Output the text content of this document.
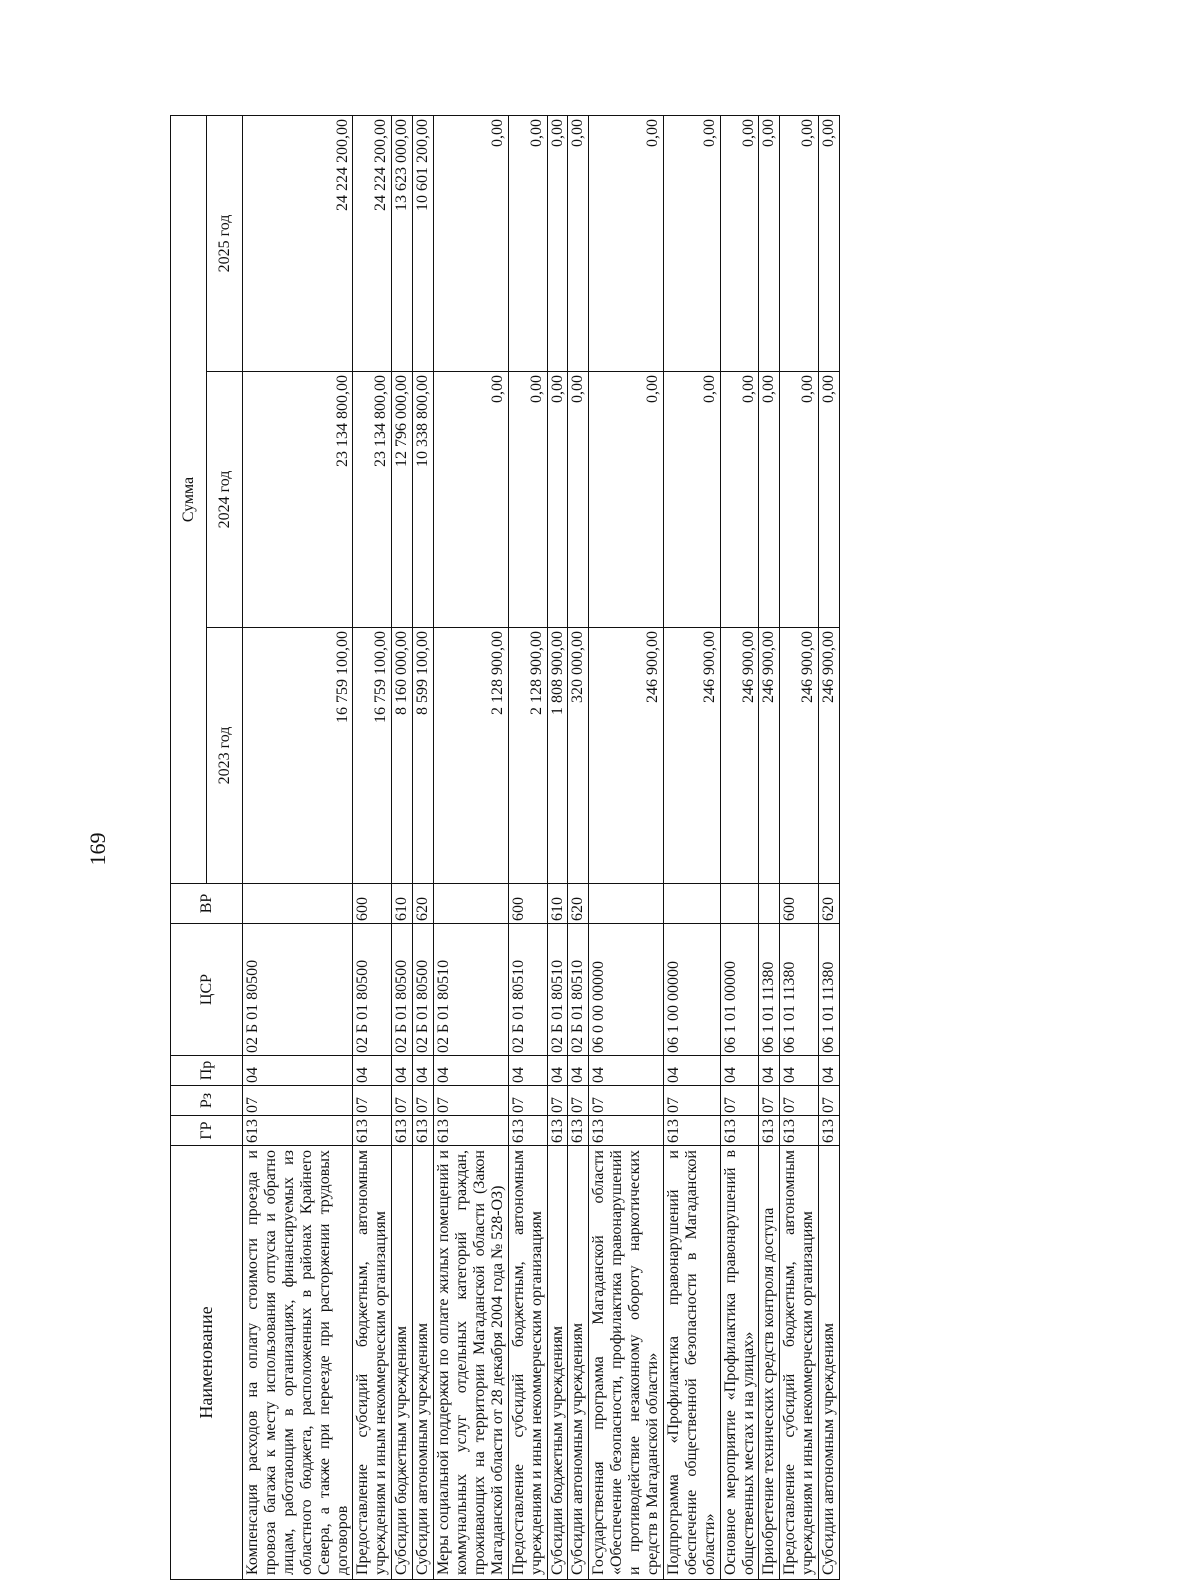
169
Наименование	ГР	Рз	Пр	ЦСР	ВР	Сумма		
						2023 год	2024 год	2025 год
Компенсация расходов на оплату стоимости проезда и провоза багажа к месту использования отпуска и обратно лицам, работающим в организациях, финансируемых из областного бюджета, расположенных в районах Крайнего Севера, а также при переезде при расторжении трудовых договоров	613	07	04	02 Б 01 80500		16 759 100,00	23 134 800,00	24 224 200,00
Предоставление субсидий бюджетным, автономным учреждениям и иным некоммерческим организациям	613	07	04	02 Б 01 80500	600	16 759 100,00	23 134 800,00	24 224 200,00
Субсидии бюджетным учреждениям	613	07	04	02 Б 01 80500	610	8 160 000,00	12 796 000,00	13 623 000,00
Субсидии автономным учреждениям	613	07	04	02 Б 01 80500	620	8 599 100,00	10 338 800,00	10 601 200,00
Меры социальной поддержки по оплате жилых помещений и коммунальных услуг отдельных категорий граждан, проживающих на территории Магаданской области (Закон Магаданской области от 28 декабря 2004 года № 528-ОЗ)	613	07	04	02 Б 01 80510		2 128 900,00	0,00	0,00
Предоставление субсидий бюджетным, автономным учреждениям и иным некоммерческим организациям	613	07	04	02 Б 01 80510	600	2 128 900,00	0,00	0,00
Субсидии бюджетным учреждениям	613	07	04	02 Б 01 80510	610	1 808 900,00	0,00	0,00
Субсидии автономным учреждениям	613	07	04	02 Б 01 80510	620	320 000,00	0,00	0,00
Государственная программа Магаданской области «Обеспечение безопасности, профилактика правонарушений и противодействие незаконному обороту наркотических средств в Магаданской области»	613	07	04	06 0 00 00000		246 900,00	0,00	0,00
Подпрограмма «Профилактика правонарушений и обеспечение общественной безопасности в Магаданской области»	613	07	04	06 1 00 00000		246 900,00	0,00	0,00
Основное мероприятие «Профилактика правонарушений в общественных местах и на улицах»	613	07	04	06 1 01 00000		246 900,00	0,00	0,00
Приобретение технических средств контроля доступа	613	07	04	06 1 01 11380		246 900,00	0,00	0,00
Предоставление субсидий бюджетным, автономным учреждениям и иным некоммерческим организациям	613	07	04	06 1 01 11380	600	246 900,00	0,00	0,00
Субсидии автономным учреждениям	613	07	04	06 1 01 11380	620	246 900,00	0,00	0,00
